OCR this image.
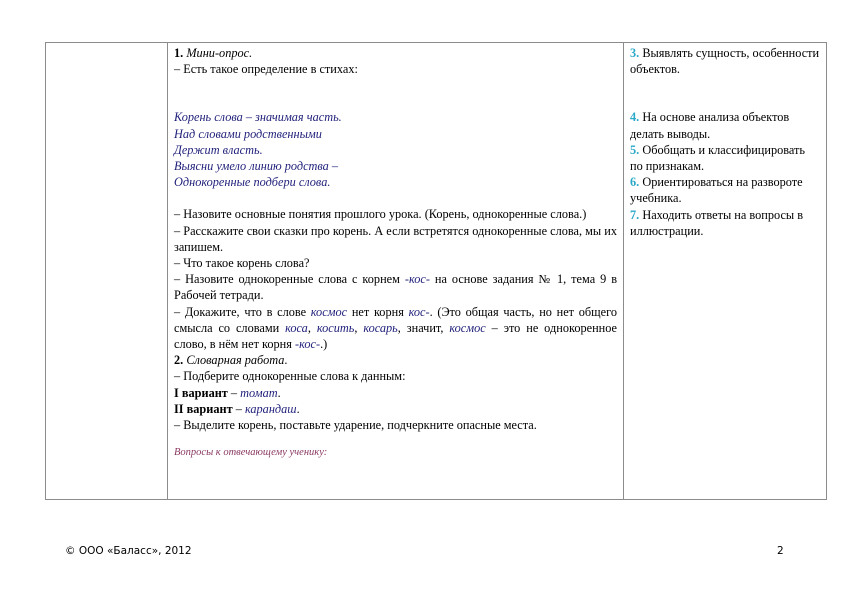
1. Мини-опрос.

– Есть такое определение в стихах:

Корень слова – значимая часть.

Над словами родственными

Держит власть.

Выясни умело линию родства –

Однокоренные подбери слова.

– Назовите основные понятия прошлого урока. (Корень, однокоренные слова.)

– Расскажите свои сказки про корень. А если встретятся однокоренные слова, мы их запишем.

– Что такое корень слова?

– Назовите однокоренные слова с корнем -кос- на основе задания № 1, тема 9 в Рабочей тетради.

– Докажите, что в слове космос нет корня кос-. (Это общая часть, но нет общего смысла со словами коса, косить, косарь, значит, космос – это не однокоренное слово, в нём нет корня -кос-.)

2. Словарная работа.

– Подберите однокоренные слова к данным:

I вариант – томат.

II вариант – карандаш.

– Выделите корень, поставьте ударение, подчеркните опасные места.

Вопросы к отвечающему ученику:

3. Выявлять сущность, особенности объектов.

4. На основе анализа объектов делать выводы.

5. Обобщать и классифицировать по признакам.

6. Ориентироваться на развороте учебника.

7. Находить ответы на вопросы в иллюстрации.

© ООО «Баласс», 2012	2
